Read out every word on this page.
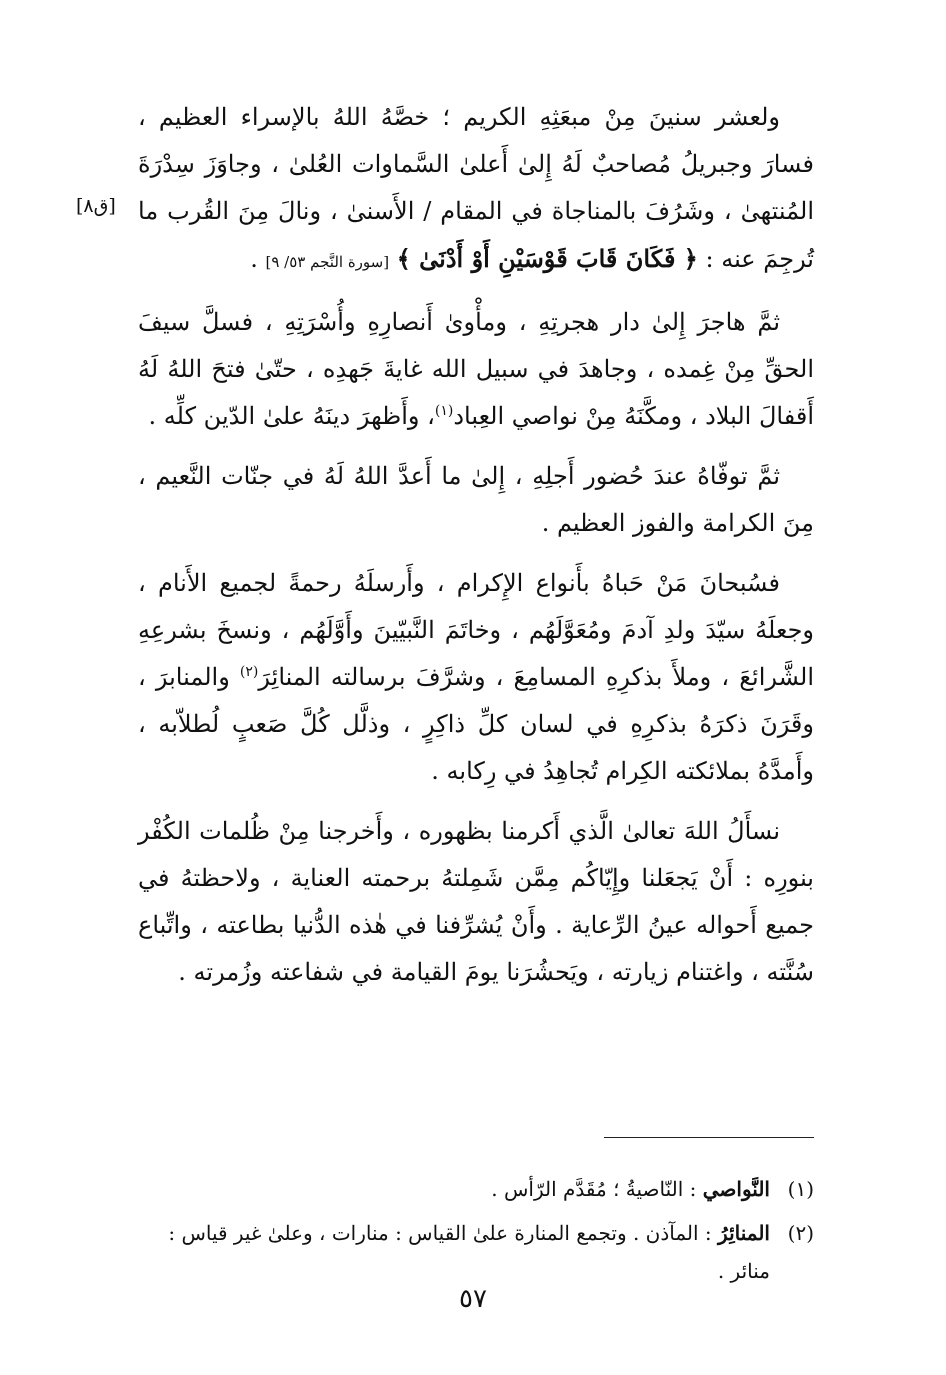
[ق٨]

ولعشر سنينَ مِنْ مبعَثِهِ الكريم ؛ خصَّهُ اللهُ بالإسراء العظيم ، فسارَ وجبريلُ مُصاحبٌ لَهُ إِلىٰ أَعلىٰ السَّماوات العُلىٰ ، وجاوَزَ سِدْرَةَ المُنتهىٰ ، وشَرُفَ بالمناجاة في المقام / الأَسنىٰ ، ونالَ مِنَ القُرب ما تُرجِمَ عنه : ﴿ فَكَانَ قَابَ قَوْسَيْنِ أَوْ أَدْنَىٰ ﴾ [سورة النَّجم ٥٣/ ٩] .

ثمَّ هاجرَ إِلىٰ دار هجرتِهِ ، ومأْوىٰ أَنصارِهِ وأُسْرَتِهِ ، فسلَّ سيفَ الحقِّ مِنْ غِمده ، وجاهدَ في سبيل الله غايةَ جَهدِه ، حتّىٰ فتحَ اللهُ لَهُ أَقفالَ البلاد ، ومكَّنَهُ مِنْ نواصي العِباد$^{(١)}$، وأَظهرَ دينَهُ علىٰ الدّين كلِّه .

ثمَّ توفّاهُ عندَ حُضور أَجلِهِ ، إِلىٰ ما أَعدَّ اللهُ لَهُ في جنّات النَّعيم ، مِنَ الكرامة والفوز العظيم .

فسُبحانَ مَنْ حَباهُ بأَنواع الإِكرام ، وأَرسلَهُ رحمةً لجميع الأَنام ، وجعلَهُ سيّدَ ولدِ آدمَ ومُعَوَّلَهُم ، وخاتَمَ النَّبيّينَ وأَوَّلَهُم ، ونسخَ بشرعِهِ الشَّرائعَ ، وملأَ بذكرِهِ المسامِعَ ، وشرَّفَ برسالته المنائِرَ$^{(٢)}$ والمنابرَ ، وقَرَنَ ذكرَهُ بذكرِهِ في لسان كلِّ ذاكِرٍ ، وذلَّل كُلَّ صَعبٍ لُطلاّبه ، وأَمدَّهُ بملائكته الكِرام تُجاهِدُ في رِكابه .

نسأَلُ اللهَ تعالىٰ الَّذي أَكرمنا بظهوره ، وأَخرجنا مِنْ ظُلمات الكُفْر بنورِه : أَنْ يَجعَلنا وإِيّاكُم مِمَّن شَمِلتهُ برحمته العناية ، ولاحظتهُ في جميع أَحواله عينُ الرِّعاية . وأَنْ يُشرِّفنا في هٰذه الدُّنيا بطاعته ، واتِّباع سُنَّته ، واغتنام زيارته ، ويَحشُرَنا يومَ القيامة في شفاعته وزُمرته .

(١)
النَّواصي : النّاصيةُ ؛ مُقَدَّم الرّأس .

(٢)
المنائِرُ : المآذن . وتجمع المنارة علىٰ القياس : منارات ، وعلىٰ غير قياس : منائر .

٥٧
